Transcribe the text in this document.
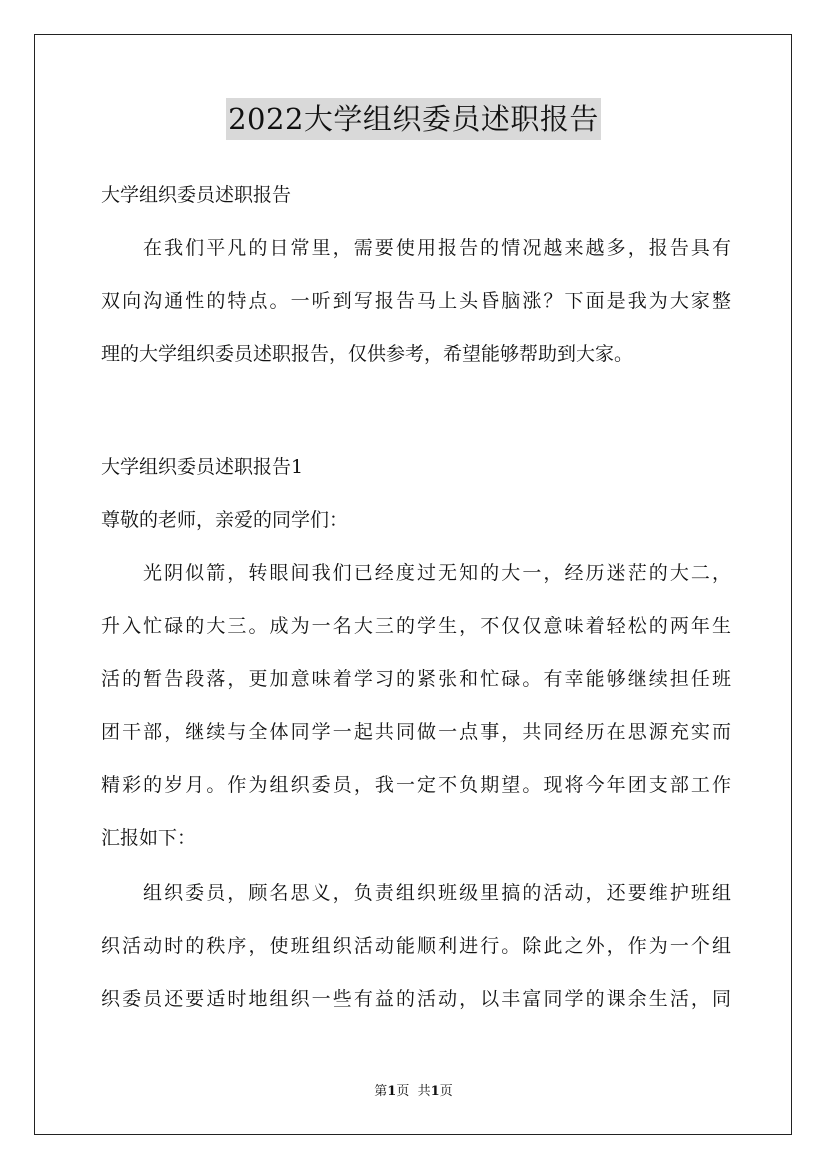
2022大学组织委员述职报告
大学组织委员述职报告
在我们平凡的日常里，需要使用报告的情况越来越多，报告具有
双向沟通性的特点。一听到写报告马上头昏脑涨？下面是我为大家整
理的大学组织委员述职报告，仅供参考，希望能够帮助到大家。
大学组织委员述职报告1
尊敬的老师，亲爱的同学们：
光阴似箭，转眼间我们已经度过无知的大一，经历迷茫的大二，
升入忙碌的大三。成为一名大三的学生，不仅仅意味着轻松的两年生
活的暂告段落，更加意味着学习的紧张和忙碌。有幸能够继续担任班
团干部，继续与全体同学一起共同做一点事，共同经历在思源充实而
精彩的岁月。作为组织委员，我一定不负期望。现将今年团支部工作
汇报如下：
组织委员，顾名思义，负责组织班级里搞的活动，还要维护班组
织活动时的秩序，使班组织活动能顺利进行。除此之外，作为一个组
织委员还要适时地组织一些有益的活动，以丰富同学的课余生活，同
第1页 共1页
